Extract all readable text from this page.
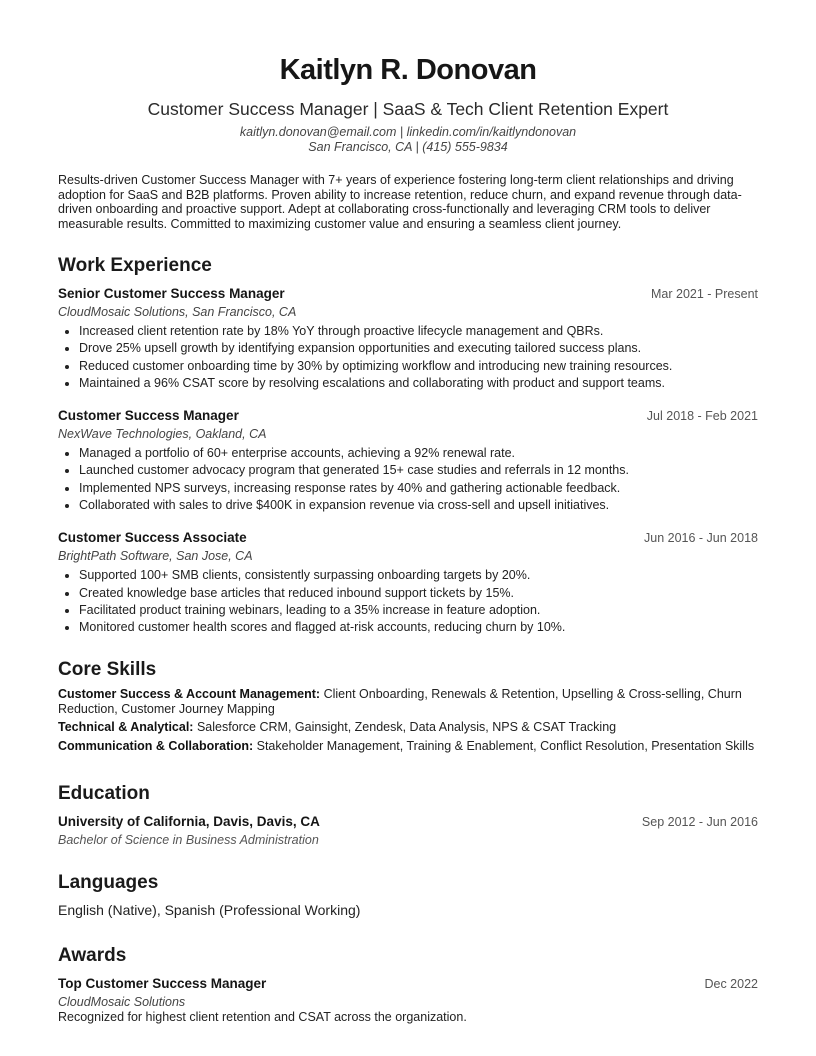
Kaitlyn R. Donovan
Customer Success Manager | SaaS & Tech Client Retention Expert
kaitlyn.donovan@email.com | linkedin.com/in/kaitlyndonovan
San Francisco, CA | (415) 555-9834
Results-driven Customer Success Manager with 7+ years of experience fostering long-term client relationships and driving adoption for SaaS and B2B platforms. Proven ability to increase retention, reduce churn, and expand revenue through data-driven onboarding and proactive support. Adept at collaborating cross-functionally and leveraging CRM tools to deliver measurable results. Committed to maximizing customer value and ensuring a seamless client journey.
Work Experience
Senior Customer Success Manager	Mar 2021 - Present
CloudMosaic Solutions, San Francisco, CA
• Increased client retention rate by 18% YoY through proactive lifecycle management and QBRs.
• Drove 25% upsell growth by identifying expansion opportunities and executing tailored success plans.
• Reduced customer onboarding time by 30% by optimizing workflow and introducing new training resources.
• Maintained a 96% CSAT score by resolving escalations and collaborating with product and support teams.
Customer Success Manager	Jul 2018 - Feb 2021
NexWave Technologies, Oakland, CA
• Managed a portfolio of 60+ enterprise accounts, achieving a 92% renewal rate.
• Launched customer advocacy program that generated 15+ case studies and referrals in 12 months.
• Implemented NPS surveys, increasing response rates by 40% and gathering actionable feedback.
• Collaborated with sales to drive $400K in expansion revenue via cross-sell and upsell initiatives.
Customer Success Associate	Jun 2016 - Jun 2018
BrightPath Software, San Jose, CA
• Supported 100+ SMB clients, consistently surpassing onboarding targets by 20%.
• Created knowledge base articles that reduced inbound support tickets by 15%.
• Facilitated product training webinars, leading to a 35% increase in feature adoption.
• Monitored customer health scores and flagged at-risk accounts, reducing churn by 10%.
Core Skills
Customer Success & Account Management: Client Onboarding, Renewals & Retention, Upselling & Cross-selling, Churn Reduction, Customer Journey Mapping
Technical & Analytical: Salesforce CRM, Gainsight, Zendesk, Data Analysis, NPS & CSAT Tracking
Communication & Collaboration: Stakeholder Management, Training & Enablement, Conflict Resolution, Presentation Skills
Education
University of California, Davis, Davis, CA	Sep 2012 - Jun 2016
Bachelor of Science in Business Administration
Languages
English (Native), Spanish (Professional Working)
Awards
Top Customer Success Manager	Dec 2022
CloudMosaic Solutions
Recognized for highest client retention and CSAT across the organization.
